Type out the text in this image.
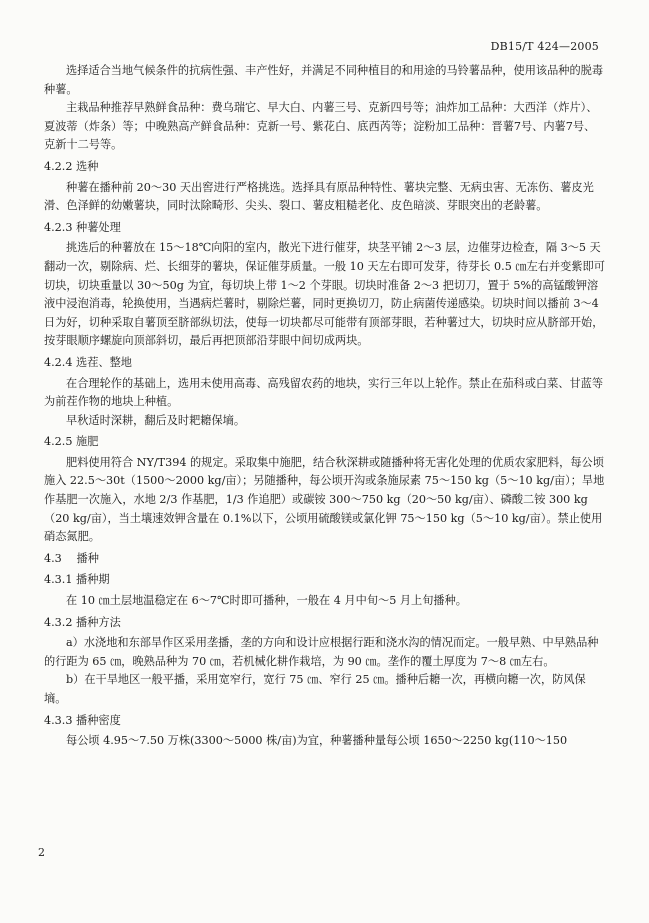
DB15/T 424—2005

选择适合当地气候条件的抗病性强、丰产性好，并满足不同种植目的和用途的马铃薯品种，使用该品种的脱毒种薯。

主栽品种推荐早熟鲜食品种：费乌瑞它、早大白、内薯三号、克新四号等；油炸加工品种：大西洋（炸片）、夏波蒂（炸条）等；中晚熟高产鲜食品种：克新一号、紫花白、底西芮等；淀粉加工品种：晋薯7号、内薯7号、克新十二号等。

4.2.2 选种

种薯在播种前 20～30 天出窖进行严格挑选。选择具有原品种特性、薯块完整、无病虫害、无冻伤、薯皮光滑、色泽鲜的幼嫩薯块，同时汰除畸形、尖头、裂口、薯皮粗糙老化、皮色暗淡、芽眼突出的老龄薯。

4.2.3 种薯处理

挑选后的种薯放在 15～18℃向阳的室内，散光下进行催芽，块茎平铺 2～3 层，边催芽边检查，隔 3～5 天翻动一次，剔除病、烂、长细芽的薯块，保证催芽质量。一般 10 天左右即可发芽，待芽长 0.5 ㎝左右并变紫即可切块，切块重量以 30～50g 为宜，每切块上带 1～2 个芽眼。切块时准备 2～3 把切刀，置于 5%的高锰酸钾溶液中浸泡消毒，轮换使用，当遇病烂薯时，剔除烂薯，同时更换切刀，防止病菌传递感染。切块时间以播前 3～4 日为好，切种采取自薯顶至脐部纵切法，使每一切块都尽可能带有顶部芽眼，若种薯过大，切块时应从脐部开始，按芽眼顺序螺旋向顶部斜切，最后再把顶部沿芽眼中间切成两块。

4.2.4 选茬、整地

在合理轮作的基础上，选用未使用高毒、高残留农药的地块，实行三年以上轮作。禁止在茄科或白菜、甘蓝等为前茬作物的地块上种植。

早秋适时深耕，翻后及时耙耱保墒。

4.2.5 施肥

肥料使用符合 NY/T394 的规定。采取集中施肥，结合秋深耕或随播种将无害化处理的优质农家肥料，每公顷施入 22.5～30t（1500～2000 kg/亩）；另随播种，每公顷开沟或条施尿素 75～150 kg（5～10 kg/亩）；旱地作基肥一次施入，水地 2/3 作基肥，1/3 作追肥）或碳铵 300～750 kg（20～50 kg/亩）、磷酸二铵 300 kg（20 kg/亩），当土壤速效钾含量在 0.1%以下，公顷用硫酸镁或氯化钾 75～150 kg（5～10 kg/亩）。禁止使用硝态氮肥。

4.3　 播种

4.3.1 播种期

在 10 ㎝土层地温稳定在 6～7℃时即可播种，一般在 4 月中旬～5 月上旬播种。

4.3.2 播种方法

a）水浇地和东部旱作区采用垄播，垄的方向和设计应根据行距和浇水沟的情况而定。一般早熟、中早熟品种的行距为 65 ㎝，晚熟品种为 70 ㎝，若机械化耕作栽培，为 90 ㎝。垄作的覆土厚度为 7～8 ㎝左右。

b）在干旱地区一般平播，采用宽窄行，宽行 75 ㎝、窄行 25 ㎝。播种后耱一次，再横向耱一次，防风保墒。

4.3.3 播种密度

每公顷 4.95～7.50 万株(3300～5000 株/亩)为宜，种薯播种量每公顷 1650～2250 kg(110～150

2
